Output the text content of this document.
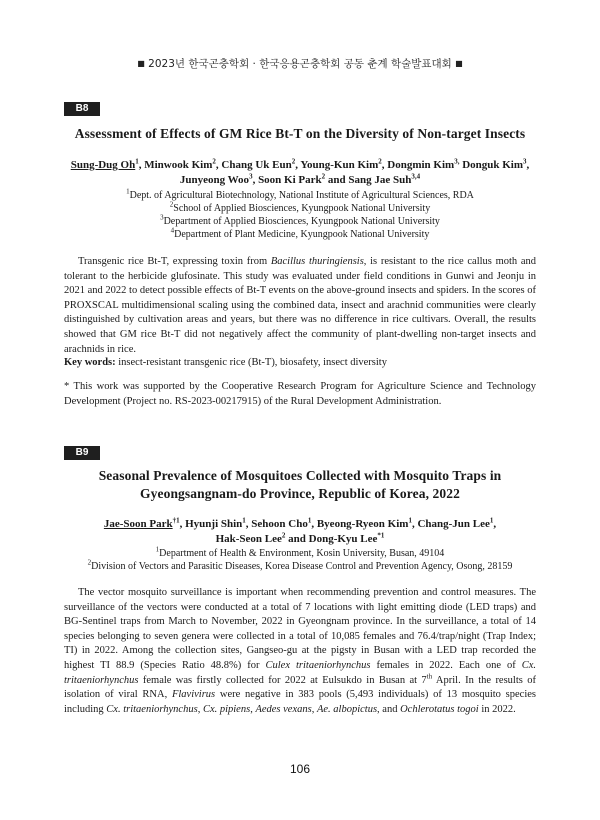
■ 2023년 한국곤충학회 · 한국응용곤충학회 공동 춘계 학술발표대회 ■
B8
Assessment of Effects of GM Rice Bt-T on the Diversity of Non-target Insects
Sung-Dug Oh$^1$, Minwook Kim$^2$, Chang Uk Eun$^2$, Young-Kun Kim$^2$, Dongmin Kim$^{3,}$ Donguk Kim$^3$,
Junyeong Woo$^3$, Soon Ki Park$^2$ and Sang Jae Suh$^{3,4}$
$^1$Dept. of Agricultural Biotechnology, National Institute of Agricultural Sciences, RDA
$^2$School of Applied Biosciences, Kyungpook National University
$^3$Department of Applied Biosciences, Kyungpook National University
$^4$Department of Plant Medicine, Kyungpook National University
Transgenic rice Bt-T, expressing toxin from Bacillus thuringiensis, is resistant to the rice callus moth and tolerant to the herbicide glufosinate. This study was evaluated under field conditions in Gunwi and Jeonju in 2021 and 2022 to detect possible effects of Bt-T events on the above-ground insects and spiders. In the scores of PROXSCAL multidimensional scaling using the combined data, insect and arachnid communities were clearly distinguished by cultivation areas and years, but there was no difference in rice cultivars. Overall, the results showed that GM rice Bt-T did not negatively affect the community of plant-dwelling non-target insects and arachnids in rice.
Key words: insect-resistant transgenic rice (Bt-T), biosafety, insect diversity
* This work was supported by the Cooperative Research Program for Agriculture Science and Technology Development (Project no. RS-2023-00217915) of the Rural Development Administration.
B9
Seasonal Prevalence of Mosquitoes Collected with Mosquito Traps in
Gyeongsangnam-do Province, Republic of Korea, 2022
Jae-Soon Park$^{\dagger 1}$, Hyunji Shin$^1$, Sehoon Cho$^1$, Byeong-Ryeon Kim$^1$, Chang-Jun Lee$^1$,
Hak-Seon Lee$^2$ and Dong-Kyu Lee$^{*1}$
$^1$Department of Health & Environment, Kosin University, Busan, 49104
$^2$Division of Vectors and Parasitic Diseases, Korea Disease Control and Prevention Agency, Osong, 28159
The vector mosquito surveillance is important when recommending prevention and control measures. The surveillance of the vectors were conducted at a total of 7 locations with light emitting diode (LED traps) and BG-Sentinel traps from March to November, 2022 in Gyeongnam province. In the surveillance, a total of 14 species belonging to seven genera were collected in a total of 10,085 females and 76.4/trap/night (Trap Index; TI) in 2022. Among the collection sites, Gangseo-gu at the pigsty in Busan with a LED trap recorded the highest TI 88.9 (Species Ratio 48.8%) for Culex tritaeniorhynchus females in 2022. Each one of Cx. tritaeniorhynchus female was firstly collected for 2022 at Eulsukdo in Busan at 7th April. In the results of isolation of viral RNA, Flavivirus were negative in 383 pools (5,493 individuals) of 13 mosquito species including Cx. tritaeniorhynchus, Cx. pipiens, Aedes vexans, Ae. albopictus, and Ochlerotatus togoi in 2022.
106
